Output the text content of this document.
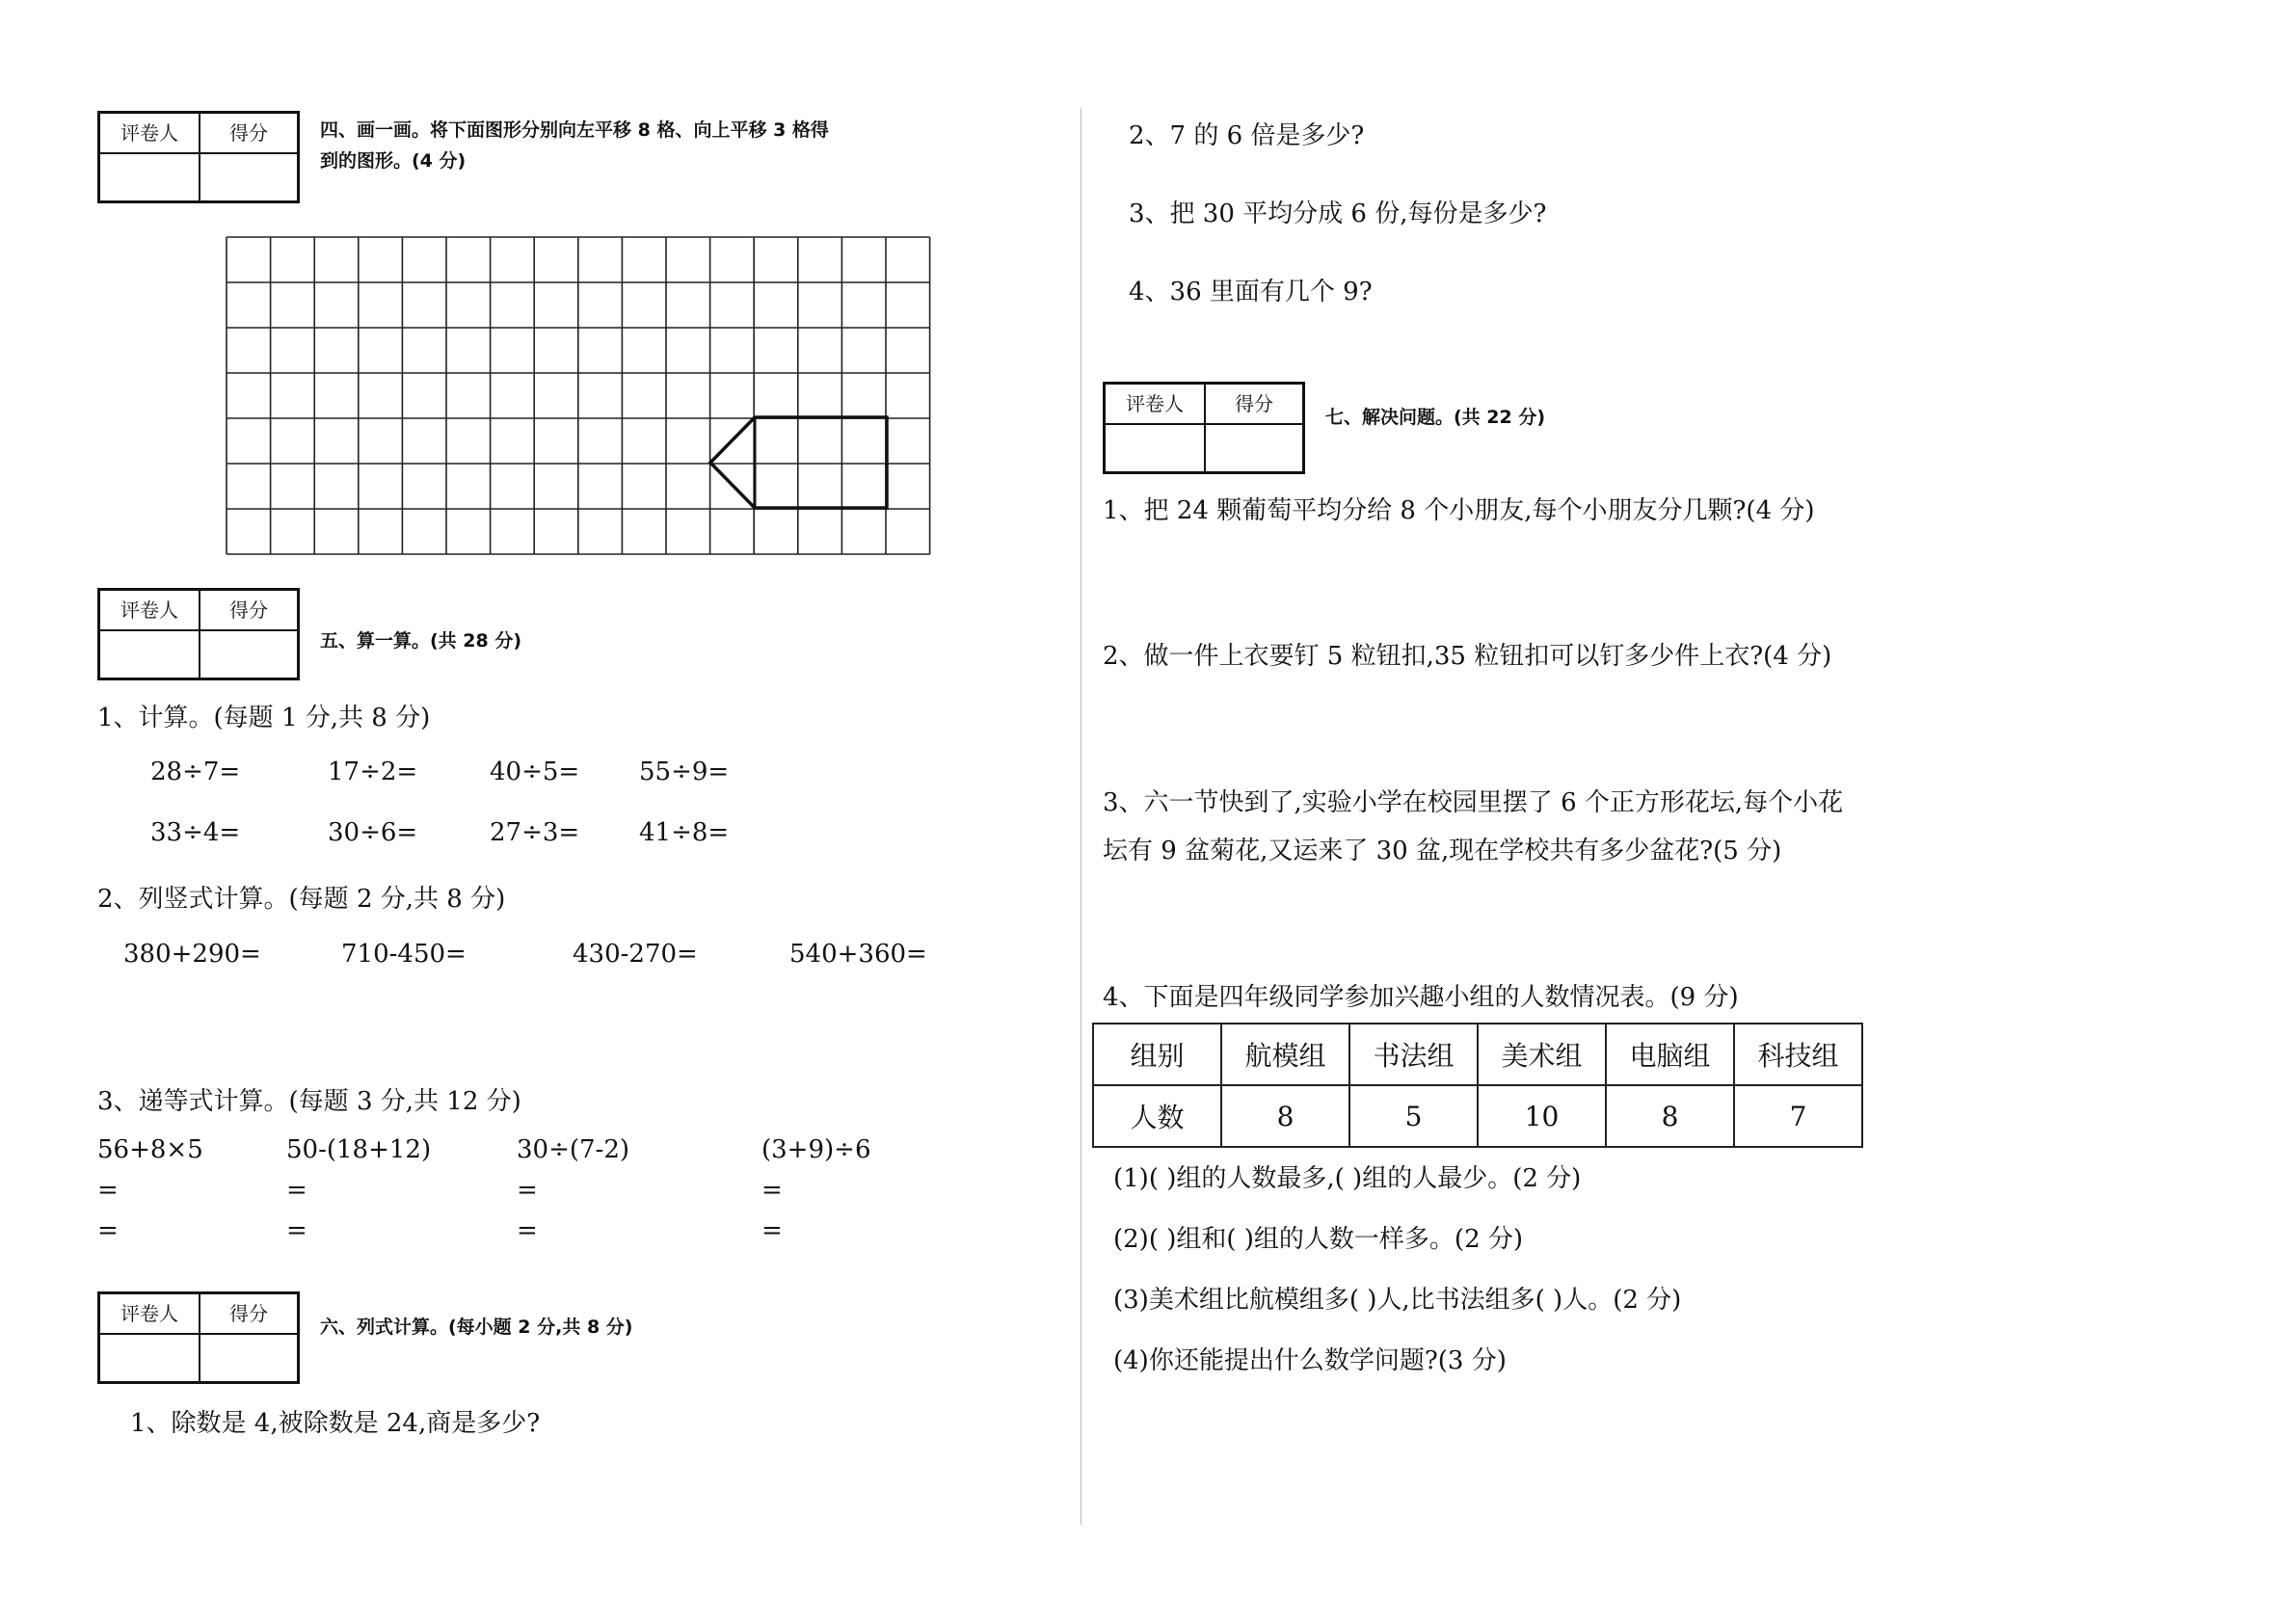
评卷人	得分	四、画一画。将下面图形分别向左平移 8 格、向上平移 3 格得
到的图形。(4 分)
评卷人	得分
五、算一算。(共 28 分)
1、计算。(每题 1 分,共 8 分)
28÷7=	17÷2=	40÷5= 55÷9=
33÷4=	30÷6=	27÷3= 41÷8=
2、列竖式计算。(每题 2 分,共 8 分)
380+290=	710-450=	430-270=	540+360=
3、递等式计算。(每题 3 分,共 12 分)
56+8×5	50-(18+12)	30÷(7-2)	(3+9)÷6
=	=	=	=
=	=	=	=
评卷人	得分
六、列式计算。(每小题 2 分,共 8 分)
1、除数是 4,被除数是 24,商是多少?
2、7 的 6 倍是多少?
3、把 30 平均分成 6 份,每份是多少?
4、36 里面有几个 9?
评卷人	得分
七、解决问题。(共 22 分)
1、把 24 颗葡萄平均分给 8 个小朋友,每个小朋友分几颗?(4 分)
2、做一件上衣要钉 5 粒钮扣,35 粒钮扣可以钉多少件上衣?(4 分)
3、六一节快到了,实验小学在校园里摆了 6 个正方形花坛,每个小花
坛有 9 盆菊花,又运来了 30 盆,现在学校共有多少盆花?(5 分)
4、下面是四年级同学参加兴趣小组的人数情况表。(9 分)
组别	航模组	书法组	美术组	电脑组	科技组
人数	8	5	10	8	7
(1)( )组的人数最多,( )组的人最少。(2 分)
(2)( )组和( )组的人数一样多。(2 分)
(3)美术组比航模组多( )人,比书法组多( )人。(2 分)
(4)你还能提出什么数学问题?(3 分)
